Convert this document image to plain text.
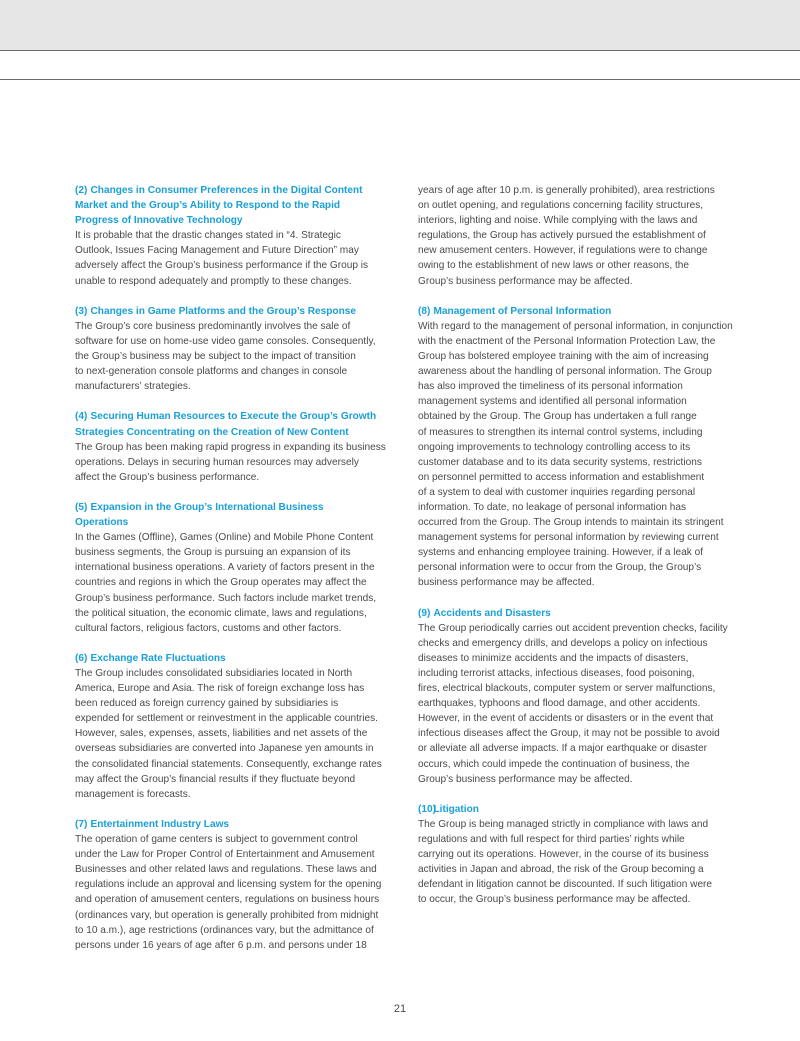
(2) Changes in Consumer Preferences in the Digital Content
Market and the Group’s Ability to Respond to the Rapid
Progress of Innovative Technology
It is probable that the drastic changes stated in “4. Strategic
Outlook, Issues Facing Management and Future Direction” may
adversely affect the Group’s business performance if the Group is
unable to respond adequately and promptly to these changes.
(3) Changes in Game Platforms and the Group’s Response
The Group’s core business predominantly involves the sale of
software for use on home-use video game consoles. Consequently,
the Group’s business may be subject to the impact of transition
to next-generation console platforms and changes in console
manufacturers’ strategies.
(4) Securing Human Resources to Execute the Group’s Growth
Strategies Concentrating on the Creation of New Content
The Group has been making rapid progress in expanding its business
operations. Delays in securing human resources may adversely
affect the Group’s business performance.
(5) Expansion in the Group’s International Business
Operations
In the Games (Offline), Games (Online) and Mobile Phone Content
business segments, the Group is pursuing an expansion of its
international business operations. A variety of factors present in the
countries and regions in which the Group operates may affect the
Group’s business performance. Such factors include market trends,
the political situation, the economic climate, laws and regulations,
cultural factors, religious factors, customs and other factors.
(6) Exchange Rate Fluctuations
The Group includes consolidated subsidiaries located in North
America, Europe and Asia. The risk of foreign exchange loss has
been reduced as foreign currency gained by subsidiaries is
expended for settlement or reinvestment in the applicable countries.
However, sales, expenses, assets, liabilities and net assets of the
overseas subsidiaries are converted into Japanese yen amounts in
the consolidated financial statements. Consequently, exchange rates
may affect the Group’s financial results if they fluctuate beyond
management is forecasts.
(7) Entertainment Industry Laws
The operation of game centers is subject to government control
under the Law for Proper Control of Entertainment and Amusement
Businesses and other related laws and regulations. These laws and
regulations include an approval and licensing system for the opening
and operation of amusement centers, regulations on business hours
(ordinances vary, but operation is generally prohibited from midnight
to 10 a.m.), age restrictions (ordinances vary, but the admittance of
persons under 16 years of age after 6 p.m. and persons under 18
years of age after 10 p.m. is generally prohibited), area restrictions
on outlet opening, and regulations concerning facility structures,
interiors, lighting and noise. While complying with the laws and
regulations, the Group has actively pursued the establishment of
new amusement centers. However, if regulations were to change
owing to the establishment of new laws or other reasons, the
Group’s business performance may be affected.
(8) Management of Personal Information
With regard to the management of personal information, in conjunction
with the enactment of the Personal Information Protection Law, the
Group has bolstered employee training with the aim of increasing
awareness about the handling of personal information. The Group
has also improved the timeliness of its personal information
management systems and identified all personal information
obtained by the Group. The Group has undertaken a full range
of measures to strengthen its internal control systems, including
ongoing improvements to technology controlling access to its
customer database and to its data security systems, restrictions
on personnel permitted to access information and establishment
of a system to deal with customer inquiries regarding personal
information. To date, no leakage of personal information has
occurred from the Group. The Group intends to maintain its stringent
management systems for personal information by reviewing current
systems and enhancing employee training. However, if a leak of
personal information were to occur from the Group, the Group’s
business performance may be affected.
(9) Accidents and Disasters
The Group periodically carries out accident prevention checks, facility
checks and emergency drills, and develops a policy on infectious
diseases to minimize accidents and the impacts of disasters,
including terrorist attacks, infectious diseases, food poisoning,
fires, electrical blackouts, computer system or server malfunctions,
earthquakes, typhoons and flood damage, and other accidents.
However, in the event of accidents or disasters or in the event that
infectious diseases affect the Group, it may not be possible to avoid
or alleviate all adverse impacts. If a major earthquake or disaster
occurs, which could impede the continuation of business, the
Group’s business performance may be affected.
(10)Litigation
The Group is being managed strictly in compliance with laws and
regulations and with full respect for third parties’ rights while
carrying out its operations. However, in the course of its business
activities in Japan and abroad, the risk of the Group becoming a
defendant in litigation cannot be discounted. If such litigation were
to occur, the Group’s business performance may be affected.
21
